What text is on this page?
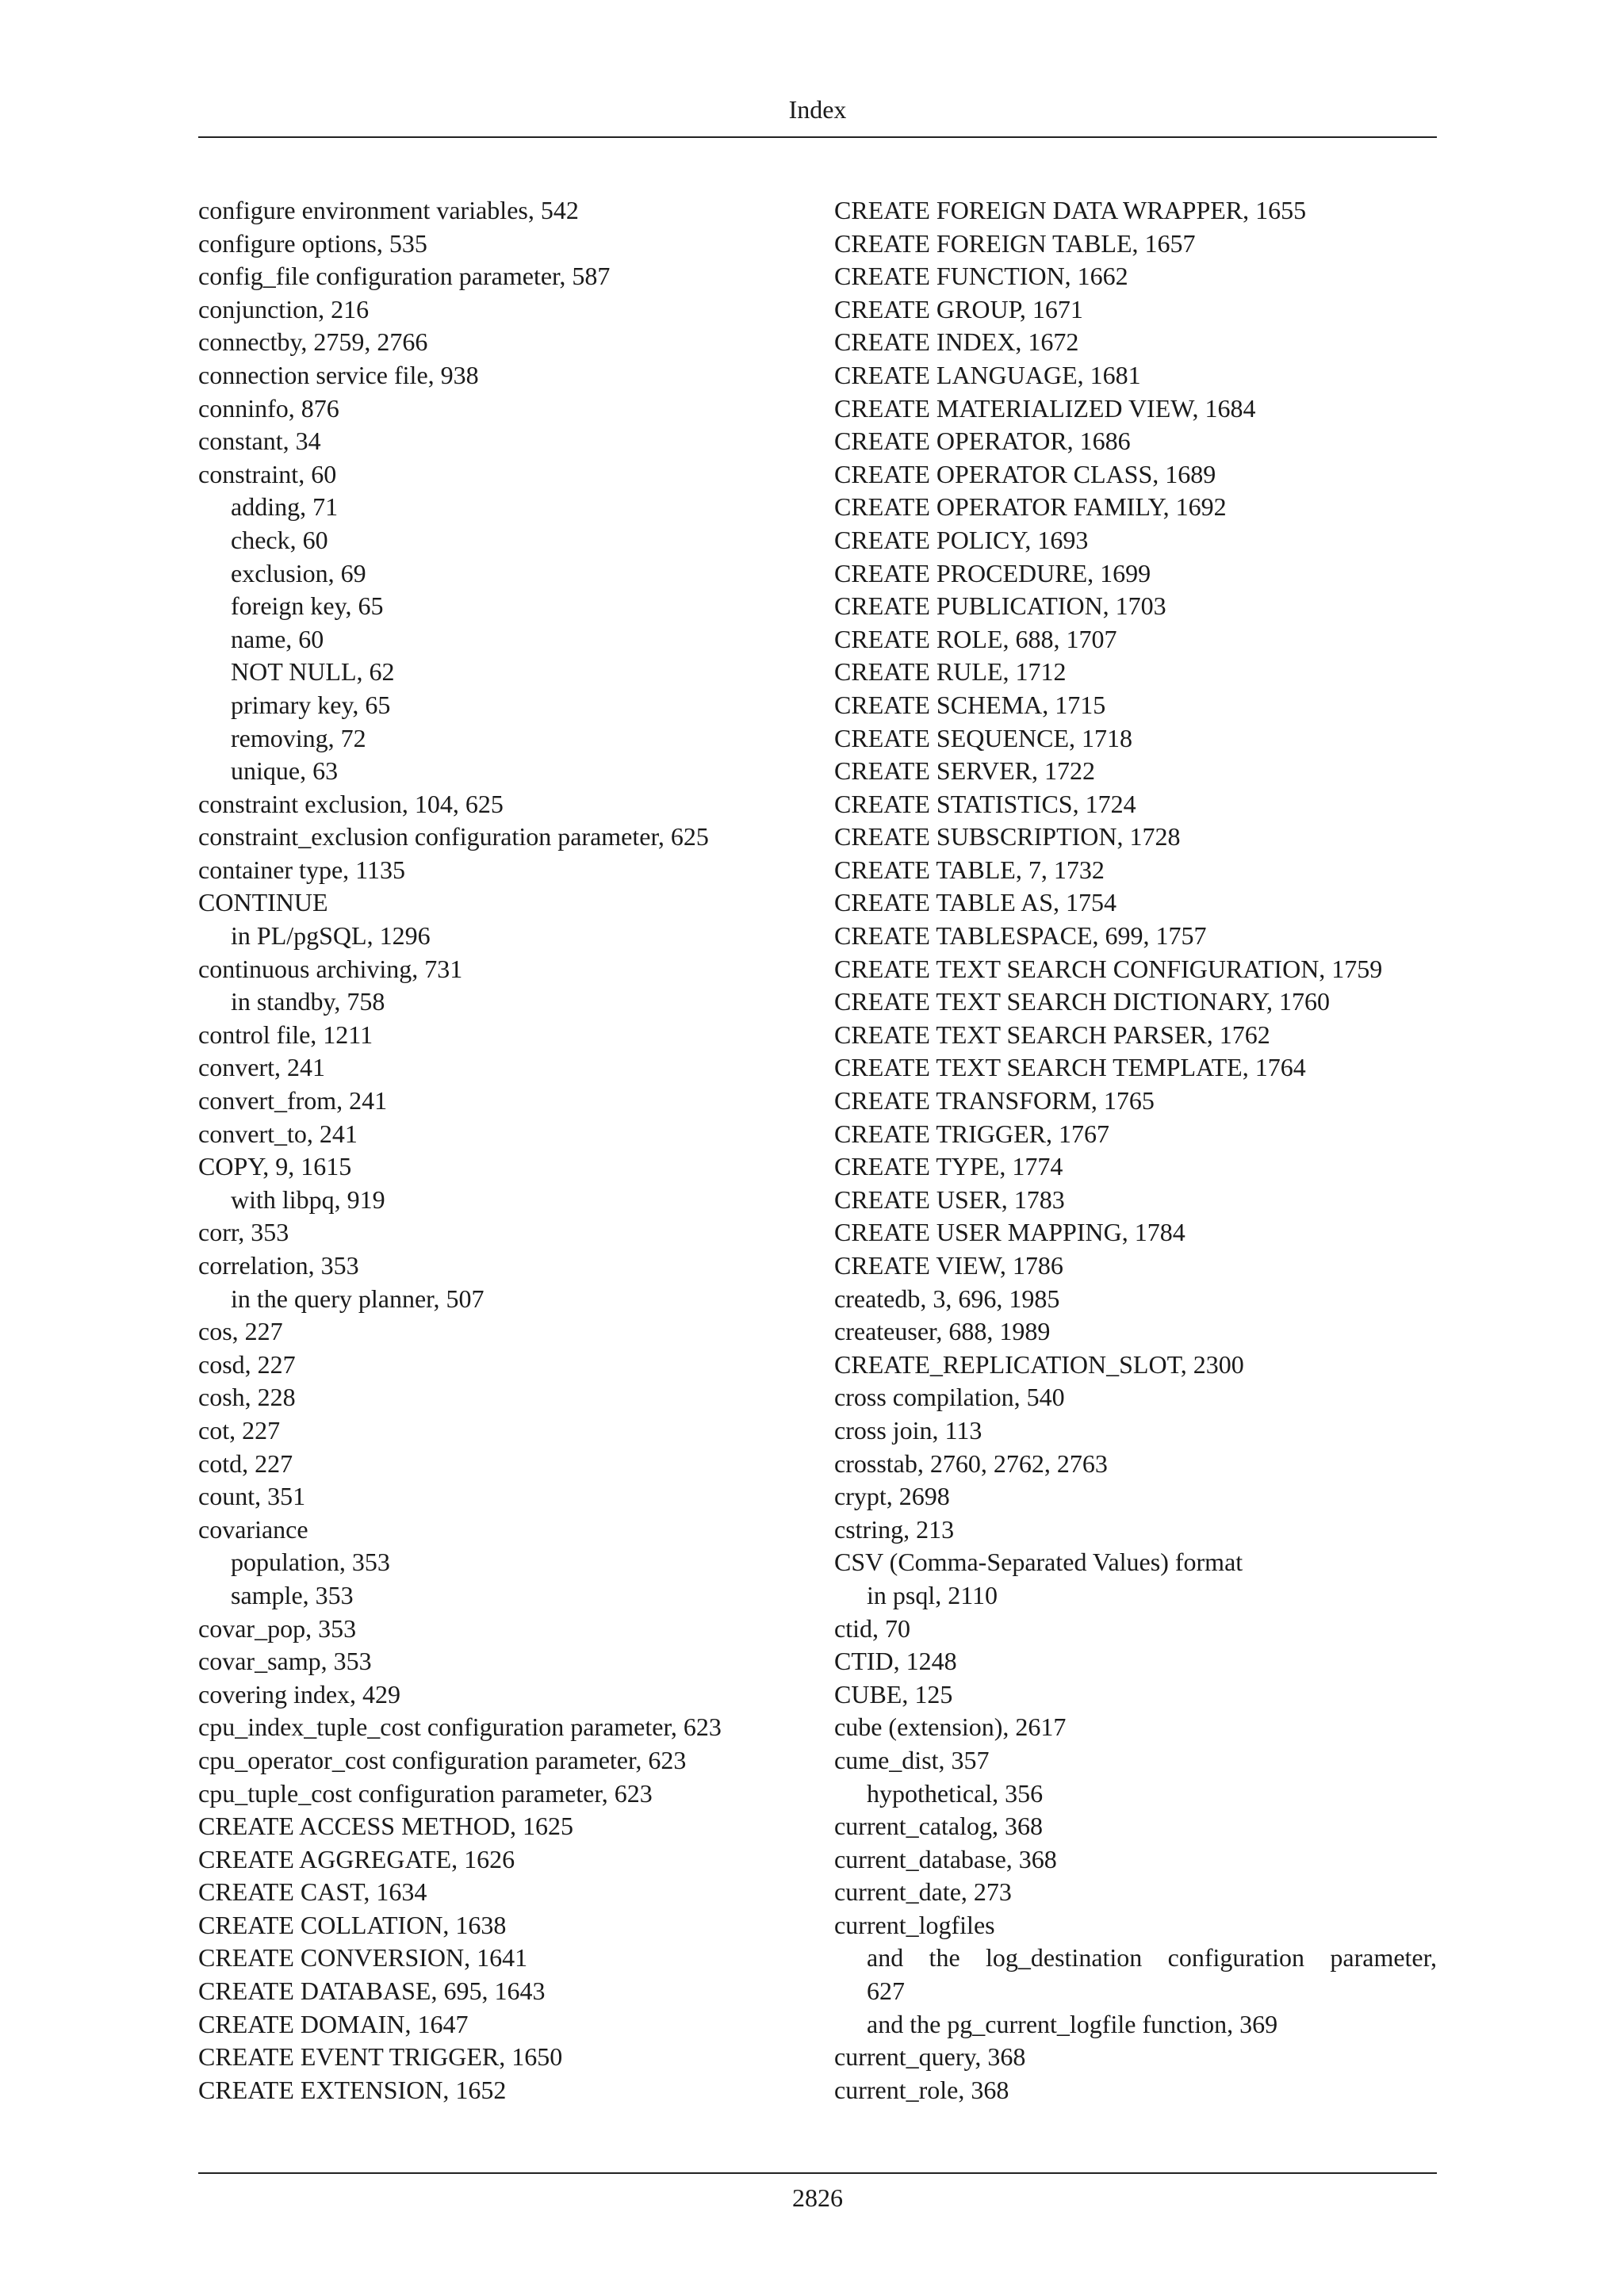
Index
configure environment variables, 542
configure options, 535
config_file configuration parameter, 587
conjunction, 216
connectby, 2759, 2766
connection service file, 938
conninfo, 876
constant, 34
constraint, 60
adding, 71
check, 60
exclusion, 69
foreign key, 65
name, 60
NOT NULL, 62
primary key, 65
removing, 72
unique, 63
constraint exclusion, 104, 625
constraint_exclusion configuration parameter, 625
container type, 1135
CONTINUE
in PL/pgSQL, 1296
continuous archiving, 731
in standby, 758
control file, 1211
convert, 241
convert_from, 241
convert_to, 241
COPY, 9, 1615
with libpq, 919
corr, 353
correlation, 353
in the query planner, 507
cos, 227
cosd, 227
cosh, 228
cot, 227
cotd, 227
count, 351
covariance
population, 353
sample, 353
covar_pop, 353
covar_samp, 353
covering index, 429
cpu_index_tuple_cost configuration parameter, 623
cpu_operator_cost configuration parameter, 623
cpu_tuple_cost configuration parameter, 623
CREATE ACCESS METHOD, 1625
CREATE AGGREGATE, 1626
CREATE CAST, 1634
CREATE COLLATION, 1638
CREATE CONVERSION, 1641
CREATE DATABASE, 695, 1643
CREATE DOMAIN, 1647
CREATE EVENT TRIGGER, 1650
CREATE EXTENSION, 1652
CREATE FOREIGN DATA WRAPPER, 1655
CREATE FOREIGN TABLE, 1657
CREATE FUNCTION, 1662
CREATE GROUP, 1671
CREATE INDEX, 1672
CREATE LANGUAGE, 1681
CREATE MATERIALIZED VIEW, 1684
CREATE OPERATOR, 1686
CREATE OPERATOR CLASS, 1689
CREATE OPERATOR FAMILY, 1692
CREATE POLICY, 1693
CREATE PROCEDURE, 1699
CREATE PUBLICATION, 1703
CREATE ROLE, 688, 1707
CREATE RULE, 1712
CREATE SCHEMA, 1715
CREATE SEQUENCE, 1718
CREATE SERVER, 1722
CREATE STATISTICS, 1724
CREATE SUBSCRIPTION, 1728
CREATE TABLE, 7, 1732
CREATE TABLE AS, 1754
CREATE TABLESPACE, 699, 1757
CREATE TEXT SEARCH CONFIGURATION, 1759
CREATE TEXT SEARCH DICTIONARY, 1760
CREATE TEXT SEARCH PARSER, 1762
CREATE TEXT SEARCH TEMPLATE, 1764
CREATE TRANSFORM, 1765
CREATE TRIGGER, 1767
CREATE TYPE, 1774
CREATE USER, 1783
CREATE USER MAPPING, 1784
CREATE VIEW, 1786
createdb, 3, 696, 1985
createuser, 688, 1989
CREATE_REPLICATION_SLOT, 2300
cross compilation, 540
cross join, 113
crosstab, 2760, 2762, 2763
crypt, 2698
cstring, 213
CSV (Comma-Separated Values) format
in psql, 2110
ctid, 70
CTID, 1248
CUBE, 125
cube (extension), 2617
cume_dist, 357
hypothetical, 356
current_catalog, 368
current_database, 368
current_date, 273
current_logfiles
and the log_destination configuration parameter,
627
and the pg_current_logfile function, 369
current_query, 368
current_role, 368
2826
